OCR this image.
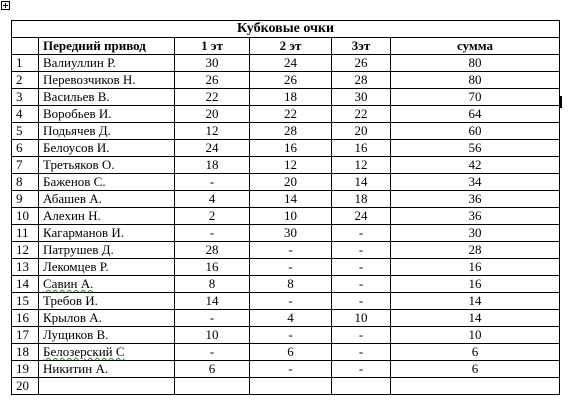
Кубковые очки					
	Передний привод	1 эт	2 эт	3эт	сумма
1	Валиуллин Р.	30	24	26	80
2	Перевозчиков Н.	26	26	28	80
3	Васильев В.	22	18	30	70
4	Воробьев И.	20	22	22	64
5	Подьячев Д.	12	28	20	60
6	Белоусов И.	24	16	16	56
7	Третьяков О.	18	12	12	42
8	Баженов С.	-	20	14	34
9	Абашев А.	4	14	18	36
10	Алехин Н.	2	10	24	36
11	Кагарманов И.	-	30	-	30
12	Патрушев Д.	28	-	-	28
13	Лекомцев Р.	16	-	-	16
14	Савин А.	8	8	-	16
15	Требов И.	14	-	-	14
16	Крылов А.	-	4	10	14
17	Лущиков В.	10	-	-	10
18	Белозерский С	-	6	-	6
19	Никитин А.	6	-	-	6
20					
